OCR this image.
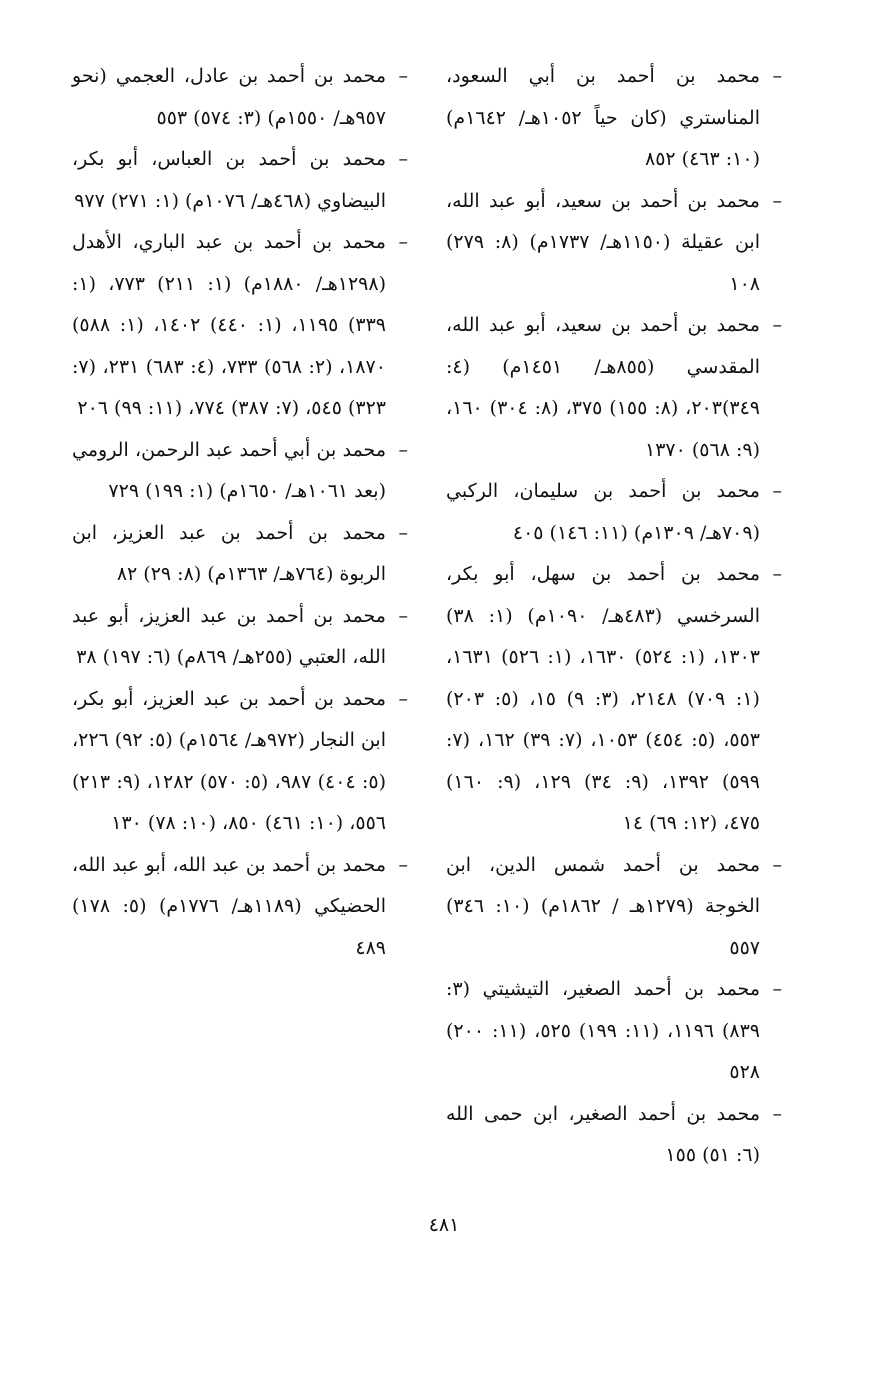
–
محمد بن أحمد بن أبي السعود، المناستري (كان حياً ١٠٥٢هـ/ ١٦٤٢م) (١٠: ٤٦٣) ٨٥٢
–
محمد بن أحمد بن سعيد، أبو عبد الله، ابن عقيلة (١١٥٠هـ/ ١٧٣٧م) (٨: ٢٧٩) ١٠٨
–
محمد بن أحمد بن سعيد، أبو عبد الله، المقدسي (٨٥٥هـ/ ١٤٥١م) (٤: ٣٤٩)٢٠٣، (٨: ١٥٥) ٣٧٥، (٨: ٣٠٤) ١٦٠، (٩: ٥٦٨) ١٣٧٠
–
محمد بن أحمد بن سليمان، الركبي (٧٠٩هـ/ ١٣٠٩م) (١١: ١٤٦) ٤٠٥
–
محمد بن أحمد بن سهل، أبو بكر، السرخسي (٤٨٣هـ/ ١٠٩٠م) (١: ٣٨) ١٣٠٣، (١: ٥٢٤) ١٦٣٠، (١: ٥٢٦) ١٦٣١، (١: ٧٠٩) ٢١٤٨، (٣: ٩) ١٥، (٥: ٢٠٣) ٥٥٣، (٥: ٤٥٤) ١٠٥٣، (٧: ٣٩) ١٦٢، (٧: ٥٩٩) ١٣٩٢، (٩: ٣٤) ١٢٩، (٩: ١٦٠) ٤٧٥، (١٢: ٦٩) ١٤
–
محمد بن أحمد شمس الدين، ابن الخوجة (١٢٧٩هـ / ١٨٦٢م) (١٠: ٣٤٦) ٥٥٧
–
محمد بن أحمد الصغير، التيشيتي (٣: ٨٣٩) ١١٩٦، (١١: ١٩٩) ٥٢٥، (١١: ٢٠٠) ٥٢٨
–
محمد بن أحمد الصغير، ابن حمى الله (٦: ٥١) ١٥٥
–
محمد بن أحمد بن عادل، العجمي (نحو ٩٥٧هـ/ ١٥٥٠م) (٣: ٥٧٤) ٥٥٣
–
محمد بن أحمد بن العباس، أبو بكر، البيضاوي (٤٦٨هـ/ ١٠٧٦م) (١: ٢٧١) ٩٧٧
–
محمد بن أحمد بن عبد الباري، الأهدل (١٢٩٨هـ/ ١٨٨٠م) (١: ٢١١) ٧٧٣، (١: ٣٣٩) ١١٩٥، (١: ٤٤٠) ١٤٠٢، (١: ٥٨٨) ١٨٧٠، (٢: ٥٦٨) ٧٣٣، (٤: ٦٨٣) ٢٣١، (٧: ٣٢٣) ٥٤٥، (٧: ٣٨٧) ٧٧٤، (١١: ٩٩) ٢٠٦
–
محمد بن أبي أحمد عبد الرحمن، الرومي (بعد ١٠٦١هـ/ ١٦٥٠م) (١: ١٩٩) ٧٢٩
–
محمد بن أحمد بن عبد العزيز، ابن الربوة (٧٦٤هـ/ ١٣٦٣م) (٨: ٢٩) ٨٢
–
محمد بن أحمد بن عبد العزيز، أبو عبد الله، العتبي (٢٥٥هـ/ ٨٦٩م) (٦: ١٩٧) ٣٨
–
محمد بن أحمد بن عبد العزيز، أبو بكر، ابن النجار (٩٧٢هـ/ ١٥٦٤م) (٥: ٩٢) ٢٢٦، (٥: ٤٠٤) ٩٨٧، (٥: ٥٧٠) ١٢٨٢، (٩: ٢١٣) ٥٥٦، (١٠: ٤٦١) ٨٥٠، (١٠: ٧٨) ١٣٠
–
محمد بن أحمد بن عبد الله، أبو عبد الله، الحضيكي (١١٨٩هـ/ ١٧٧٦م) (٥: ١٧٨) ٤٨٩
٤٨١
